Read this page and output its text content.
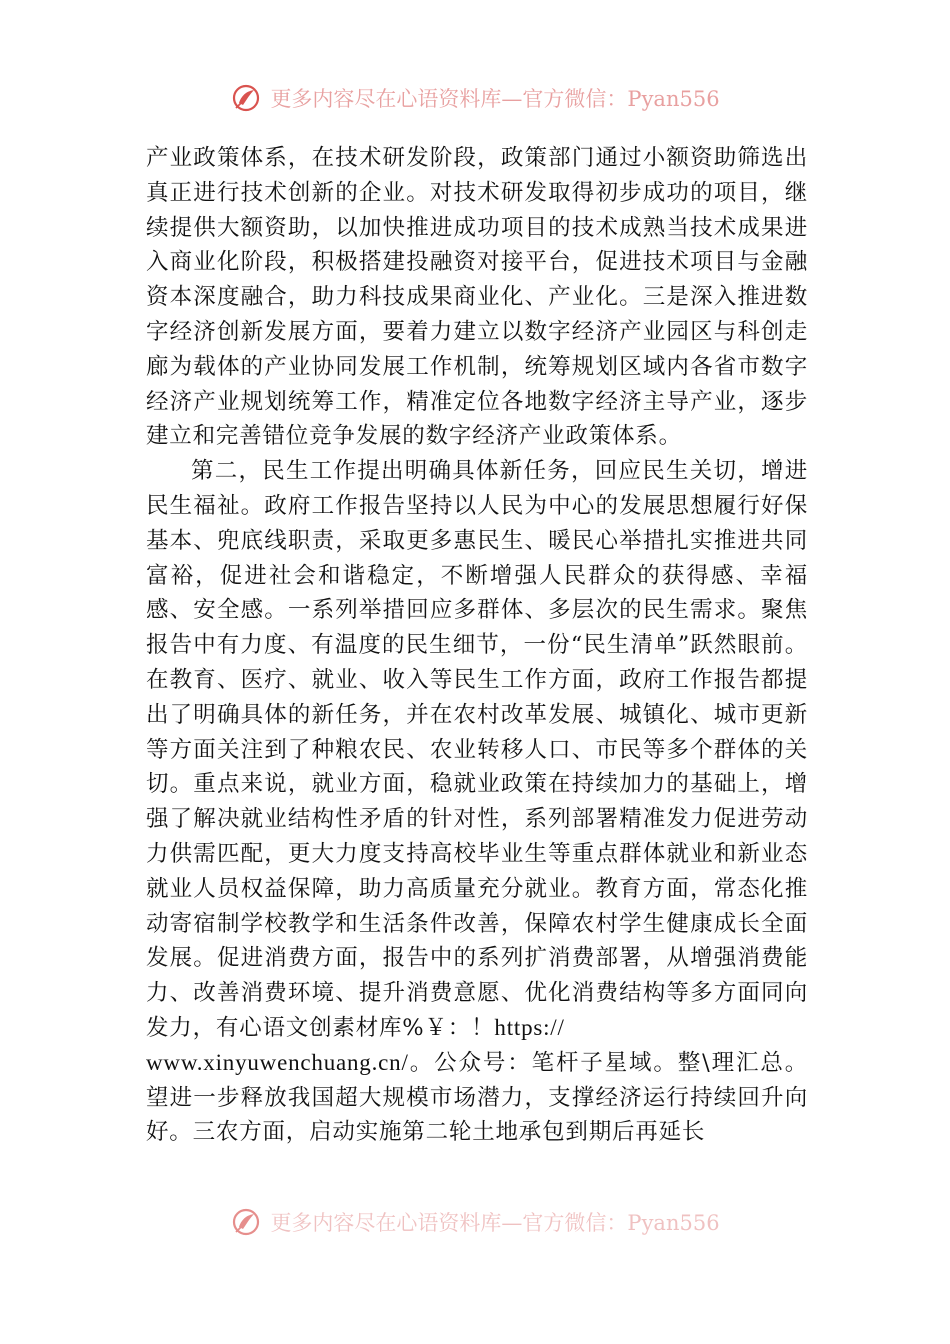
更多内容尽在心语资料库—官方微信：Pyan556

产业政策体系，在技术研发阶段，政策部门通过小额资助筛选出真正进行技术创新的企业。对技术研发取得初步成功的项目，继续提供大额资助，以加快推进成功项目的技术成熟当技术成果进入商业化阶段，积极搭建投融资对接平台，促进技术项目与金融资本深度融合，助力科技成果商业化、产业化。三是深入推进数字经济创新发展方面，要着力建立以数字经济产业园区与科创走廊为载体的产业协同发展工作机制，统筹规划区域内各省市数字经济产业规划统筹工作，精准定位各地数字经济主导产业，逐步建立和完善错位竞争发展的数字经济产业政策体系。

第二，民生工作提出明确具体新任务，回应民生关切，增进民生福祉。政府工作报告坚持以人民为中心的发展思想履行好保基本、兜底线职责，采取更多惠民生、暖民心举措扎实推进共同富裕，促进社会和谐稳定，不断增强人民群众的获得感、幸福感、安全感。一系列举措回应多群体、多层次的民生需求。聚焦报告中有力度、有温度的民生细节，一份“民生清单”跃然眼前。在教育、医疗、就业、收入等民生工作方面，政府工作报告都提出了明确具体的新任务，并在农村改革发展、城镇化、城市更新等方面关注到了种粮农民、农业转移人口、市民等多个群体的关切。重点来说，就业方面，稳就业政策在持续加力的基础上，增强了解决就业结构性矛盾的针对性，系列部署精准发力促进劳动力供需匹配，更大力度支持高校毕业生等重点群体就业和新业态就业人员权益保障，助力高质量充分就业。教育方面，常态化推动寄宿制学校教学和生活条件改善，保障农村学生健康成长全面发展。促进消费方面，报告中的系列扩消费部署，从增强消费能力、改善消费环境、提升消费意愿、优化消费结构等多方面同向发力，有心语文创素材库%￥：！https://
www.xinyuwenchuang.cn/。公众号：笔杆子星域。整\理汇总。望进一步释放我国超大规模市场潜力，支撑经济运行持续回升向好。三农方面，启动实施第二轮土地承包到期后再延长

更多内容尽在心语资料库—官方微信：Pyan556
